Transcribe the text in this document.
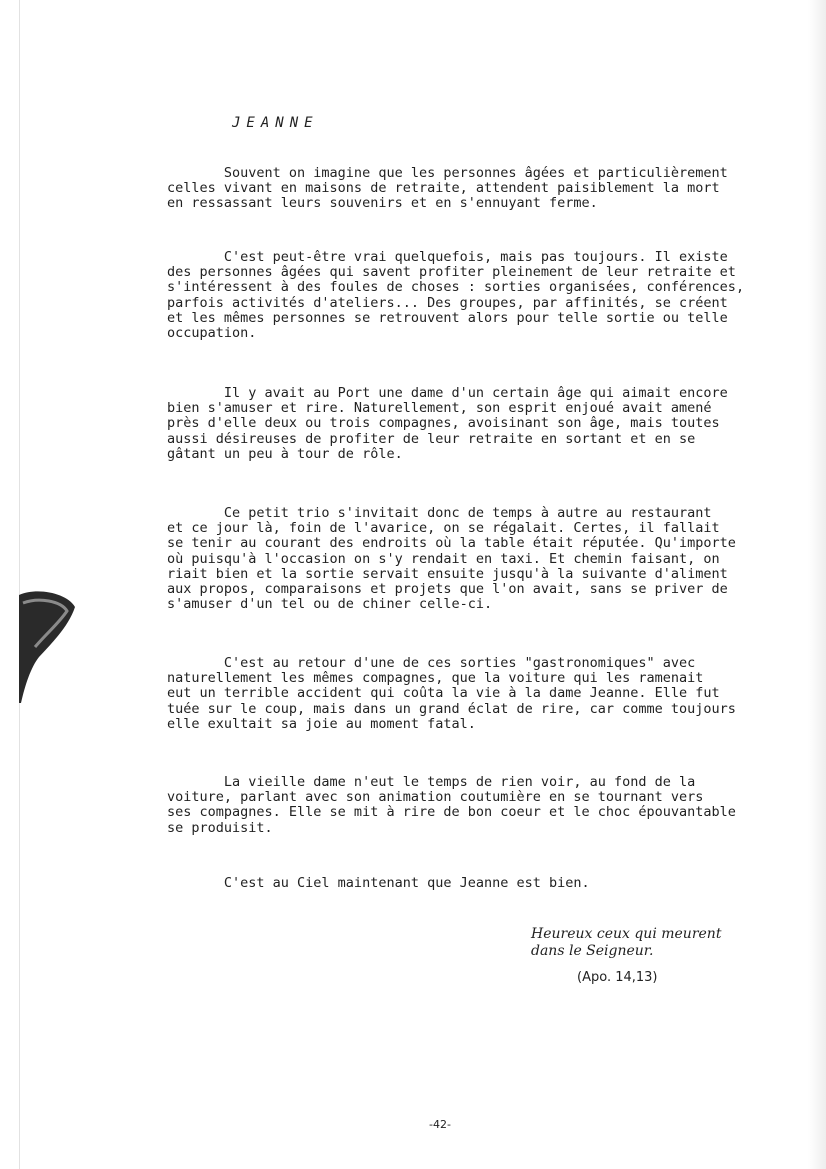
JEANNE
Souvent on imagine que les personnes âgées et particulièrement
celles vivant en maisons de retraite, attendent paisiblement la mort
en ressassant leurs souvenirs et en s'ennuyant ferme.
C'est peut-être vrai quelquefois, mais pas toujours. Il existe
des personnes âgées qui savent profiter pleinement de leur retraite et
s'intéressent à des foules de choses : sorties organisées, conférences,
parfois activités d'ateliers... Des groupes, par affinités, se créent
et les mêmes personnes se retrouvent alors pour telle sortie ou telle
occupation.
Il y avait au Port une dame d'un certain âge qui aimait encore
bien s'amuser et rire. Naturellement, son esprit enjoué avait amené
près d'elle deux ou trois compagnes, avoisinant son âge, mais toutes
aussi désireuses de profiter de leur retraite en sortant et en se
gâtant un peu à tour de rôle.
Ce petit trio s'invitait donc de temps à autre au restaurant
et ce jour là, foin de l'avarice, on se régalait. Certes, il fallait
se tenir au courant des endroits où la table était réputée. Qu'importe
où puisqu'à l'occasion on s'y rendait en taxi. Et chemin faisant, on
riait bien et la sortie servait ensuite jusqu'à la suivante d'aliment
aux propos, comparaisons et projets que l'on avait, sans se priver de
s'amuser d'un tel ou de chiner celle-ci.
C'est au retour d'une de ces sorties "gastronomiques" avec
naturellement les mêmes compagnes, que la voiture qui les ramenait
eut un terrible accident qui coûta la vie à la dame Jeanne. Elle fut
tuée sur le coup, mais dans un grand éclat de rire, car comme toujours
elle exultait sa joie au moment fatal.
La vieille dame n'eut le temps de rien voir, au fond de la
voiture, parlant avec son animation coutumière en se tournant vers
ses compagnes. Elle se mit à rire de bon coeur et le choc épouvantable
se produisit.
C'est au Ciel maintenant que Jeanne est bien.
Heureux ceux qui meurent
dans le Seigneur.
(Apo. 14,13)
-42-
